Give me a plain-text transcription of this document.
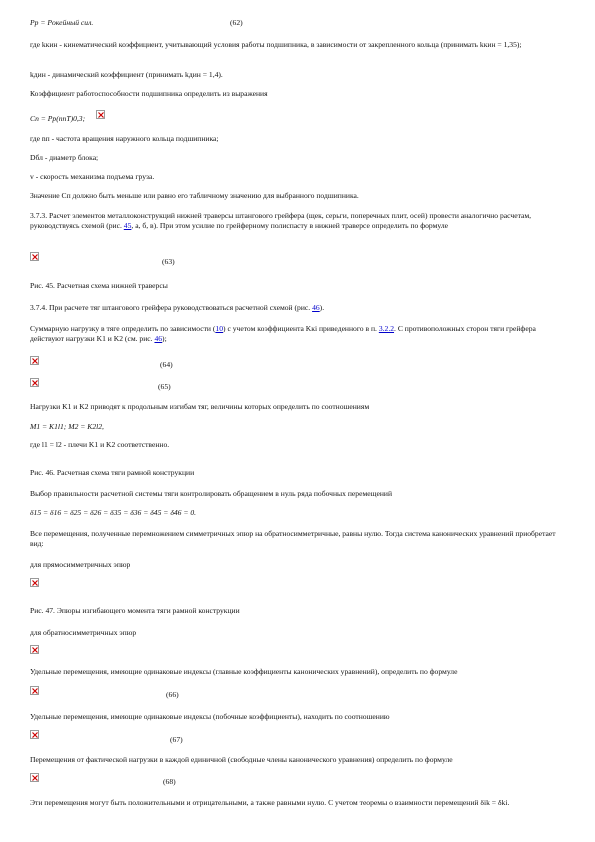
Pp = Pокейный сил.	(62)
где kкин - кинематический коэффициент, учитывающий условия работы подшипника, в зависимости от закрепленного кольца (принимать kкин = 1,35);
kдин - динамический коэффициент (принимать kдин = 1,4).
Коэффициент работоспособности подшипника определить из выражения
Cп = Pp(nпT)0,3;
где nп - частота вращения наружного кольца подшипника;
Dбл - диаметр блока;
v - скорость механизма подъема груза.
Значение Сп должно быть меньше или равно его табличному значению для выбранного подшипника.
3.7.3. Расчет элементов металлоконструкций нижней траверсы штангового грейфера (щек, серьги, поперечных плит, осей) провести аналогично расчетам, руководствуясь схемой (рис. 45, а, б, в). При этом усилие по грейферному полиспасту в нижней траверсе определить по формуле
(63)
Рис. 45. Расчетная схема нижней траверсы
3.7.4. При расчете тяг штангового грейфера руководствоваться расчетной схемой (рис. 46).
Суммарную нагрузку в тяге определить по зависимости (10) с учетом коэффициента Kкi приведенного в п. 3.2.2. С противоположных сторон тяги грейфера действуют нагрузки K1 и K2 (см. рис. 46);
(64)
(65)
Нагрузки K1 и K2 приводят к продольным изгибам тяг, величины которых определить по соотношениям
M1 = K1l1; M2 = K2l2,
где l1 = l2 - плечи K1 и K2 соответственно.
Рис. 46. Расчетная схема тяги рамной конструкции
Выбор правильности расчетной системы тяги контролировать обращением в нуль ряда побочных перемещений
δ15 = δ16 = δ25 = δ26 = δ35 = δ36 = δ45 = δ46 = 0.
Все перемещения, полученные перемножением симметричных эпюр на обратносимметричные, равны нулю. Тогда система канонических уравнений приобретает вид:
для прямосимметричных эпюр
Рис. 47. Эпюры изгибающего момента тяги рамной конструкции
для обратносимметричных эпюр
Удельные перемещения, имеющие одинаковые индексы (главные коэффициенты канонических уравнений), определить по формуле
(66)
Удельные перемещения, имеющие одинаковые индексы (побочные коэффициенты), находить по соотношению
(67)
Перемещения от фактической нагрузки в каждой единичной (свободные члены канонического уравнения) определить по формуле
(68)
Эти перемещения могут быть положительными и отрицательными, а также равными нулю. С учетом теоремы о взаимности перемещений δik = δki.
